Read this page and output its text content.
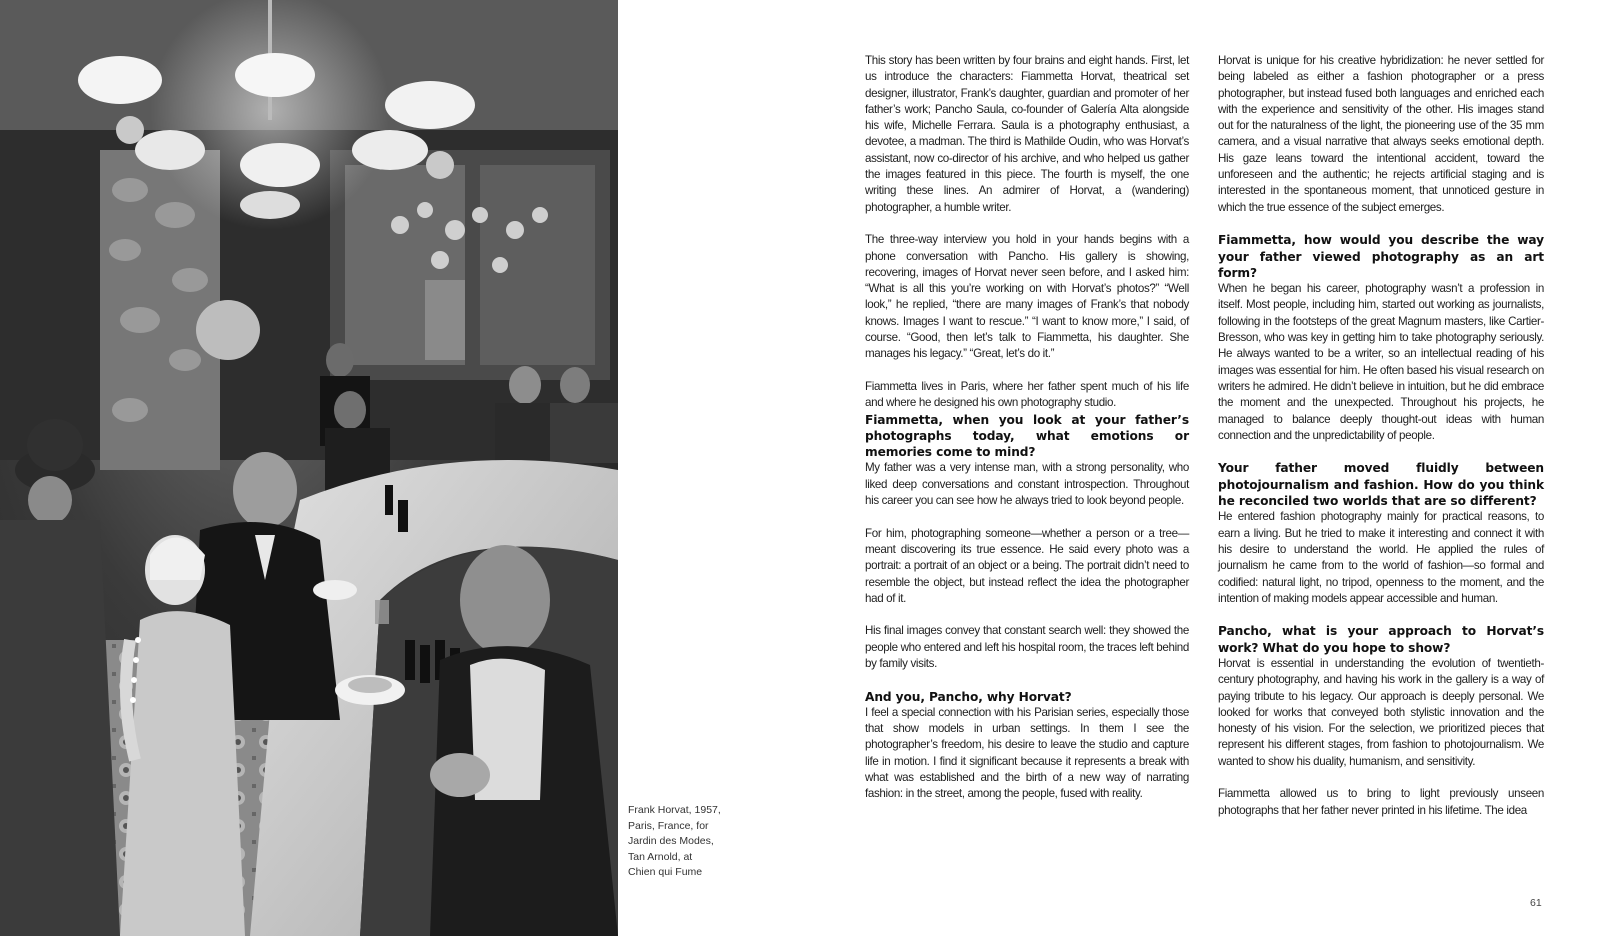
Frank Horvat, 1957,
Paris, France, for
Jardin des Modes,
Tan Arnold, at
Chien qui Fume

This story has been written by four brains and eight hands. First, let us introduce the characters: Fiammetta Horvat, theatrical set designer, illustrator, Frank’s daughter, guardian and promoter of her father’s work; Pancho Saula, co-founder of Galería Alta alongside his wife, Michelle Ferrara. Saula is a photography enthusiast, a devotee, a madman. The third is Mathilde Oudin, who was Horvat’s assistant, now co-director of his archive, and who helped us gather the images featured in this piece. The fourth is myself, the one writing these lines. An admirer of Horvat, a (wandering) photographer, a humble writer.

The three-way interview you hold in your hands begins with a phone conversation with Pancho. His gallery is showing, recovering, images of Horvat never seen before, and I asked him: “What is all this you’re working on with Horvat’s photos?” “Well look,” he replied, “there are many images of Frank’s that nobody knows. Images I want to rescue.” “I want to know more,” I said, of course. “Good, then let’s talk to Fiammetta, his daughter. She manages his legacy.” “Great, let’s do it.”

Fiammetta lives in Paris, where her father spent much of his life and where he designed his own photography studio.
Fiammetta, when you look at your father’s photographs today, what emotions or memories come to mind?
My father was a very intense man, with a strong personality, who liked deep conversations and constant introspection. Throughout his career you can see how he always tried to look beyond people.

For him, photographing someone—whether a person or a tree—meant discovering its true essence. He said every photo was a portrait: a portrait of an object or a being. The portrait didn’t need to resemble the object, but instead reflect the idea the photographer had of it.

His final images convey that constant search well: they showed the people who entered and left his hospital room, the traces left behind by family visits.

And you, Pancho, why Horvat?
I feel a special connection with his Parisian series, especially those that show models in urban settings. In them I see the photographer’s freedom, his desire to leave the studio and capture life in motion. I find it significant because it represents a break with what was established and the birth of a new way of narrating fashion: in the street, among the people, fused with reality.

Horvat is unique for his creative hybridization: he never settled for being labeled as either a fashion photographer or a press photographer, but instead fused both languages and enriched each with the experience and sensitivity of the other. His images stand out for the naturalness of the light, the pioneering use of the 35 mm camera, and a visual narrative that always seeks emotional depth. His gaze leans toward the intentional accident, toward the unforeseen and the authentic; he rejects artificial staging and is interested in the spontaneous moment, that unnoticed gesture in which the true essence of the subject emerges.

Fiammetta, how would you describe the way your father viewed photography as an art form?
When he began his career, photography wasn’t a profession in itself. Most people, including him, started out working as journalists, following in the footsteps of the great Magnum masters, like Cartier-Bresson, who was key in getting him to take photography seriously. He always wanted to be a writer, so an intellectual reading of his images was essential for him. He often based his visual research on writers he admired. He didn’t believe in intuition, but he did embrace the moment and the unexpected. Throughout his projects, he managed to balance deeply thought-out ideas with human connection and the unpredictability of people.

Your father moved fluidly between photojournalism and fashion. How do you think he reconciled two worlds that are so different?
He entered fashion photography mainly for practical reasons, to earn a living. But he tried to make it interesting and connect it with his desire to understand the world. He applied the rules of journalism he came from to the world of fashion—so formal and codified: natural light, no tripod, openness to the moment, and the intention of making models appear accessible and human.

Pancho, what is your approach to Horvat’s work? What do you hope to show?
Horvat is essential in understanding the evolution of twentieth-century photography, and having his work in the gallery is a way of paying tribute to his legacy. Our approach is deeply personal. We looked for works that conveyed both stylistic innovation and the honesty of his vision. For the selection, we prioritized pieces that represent his different stages, from fashion to photojournalism. We wanted to show his duality, humanism, and sensitivity.

Fiammetta allowed us to bring to light previously unseen photographs that her father never printed in his lifetime. The idea

61
